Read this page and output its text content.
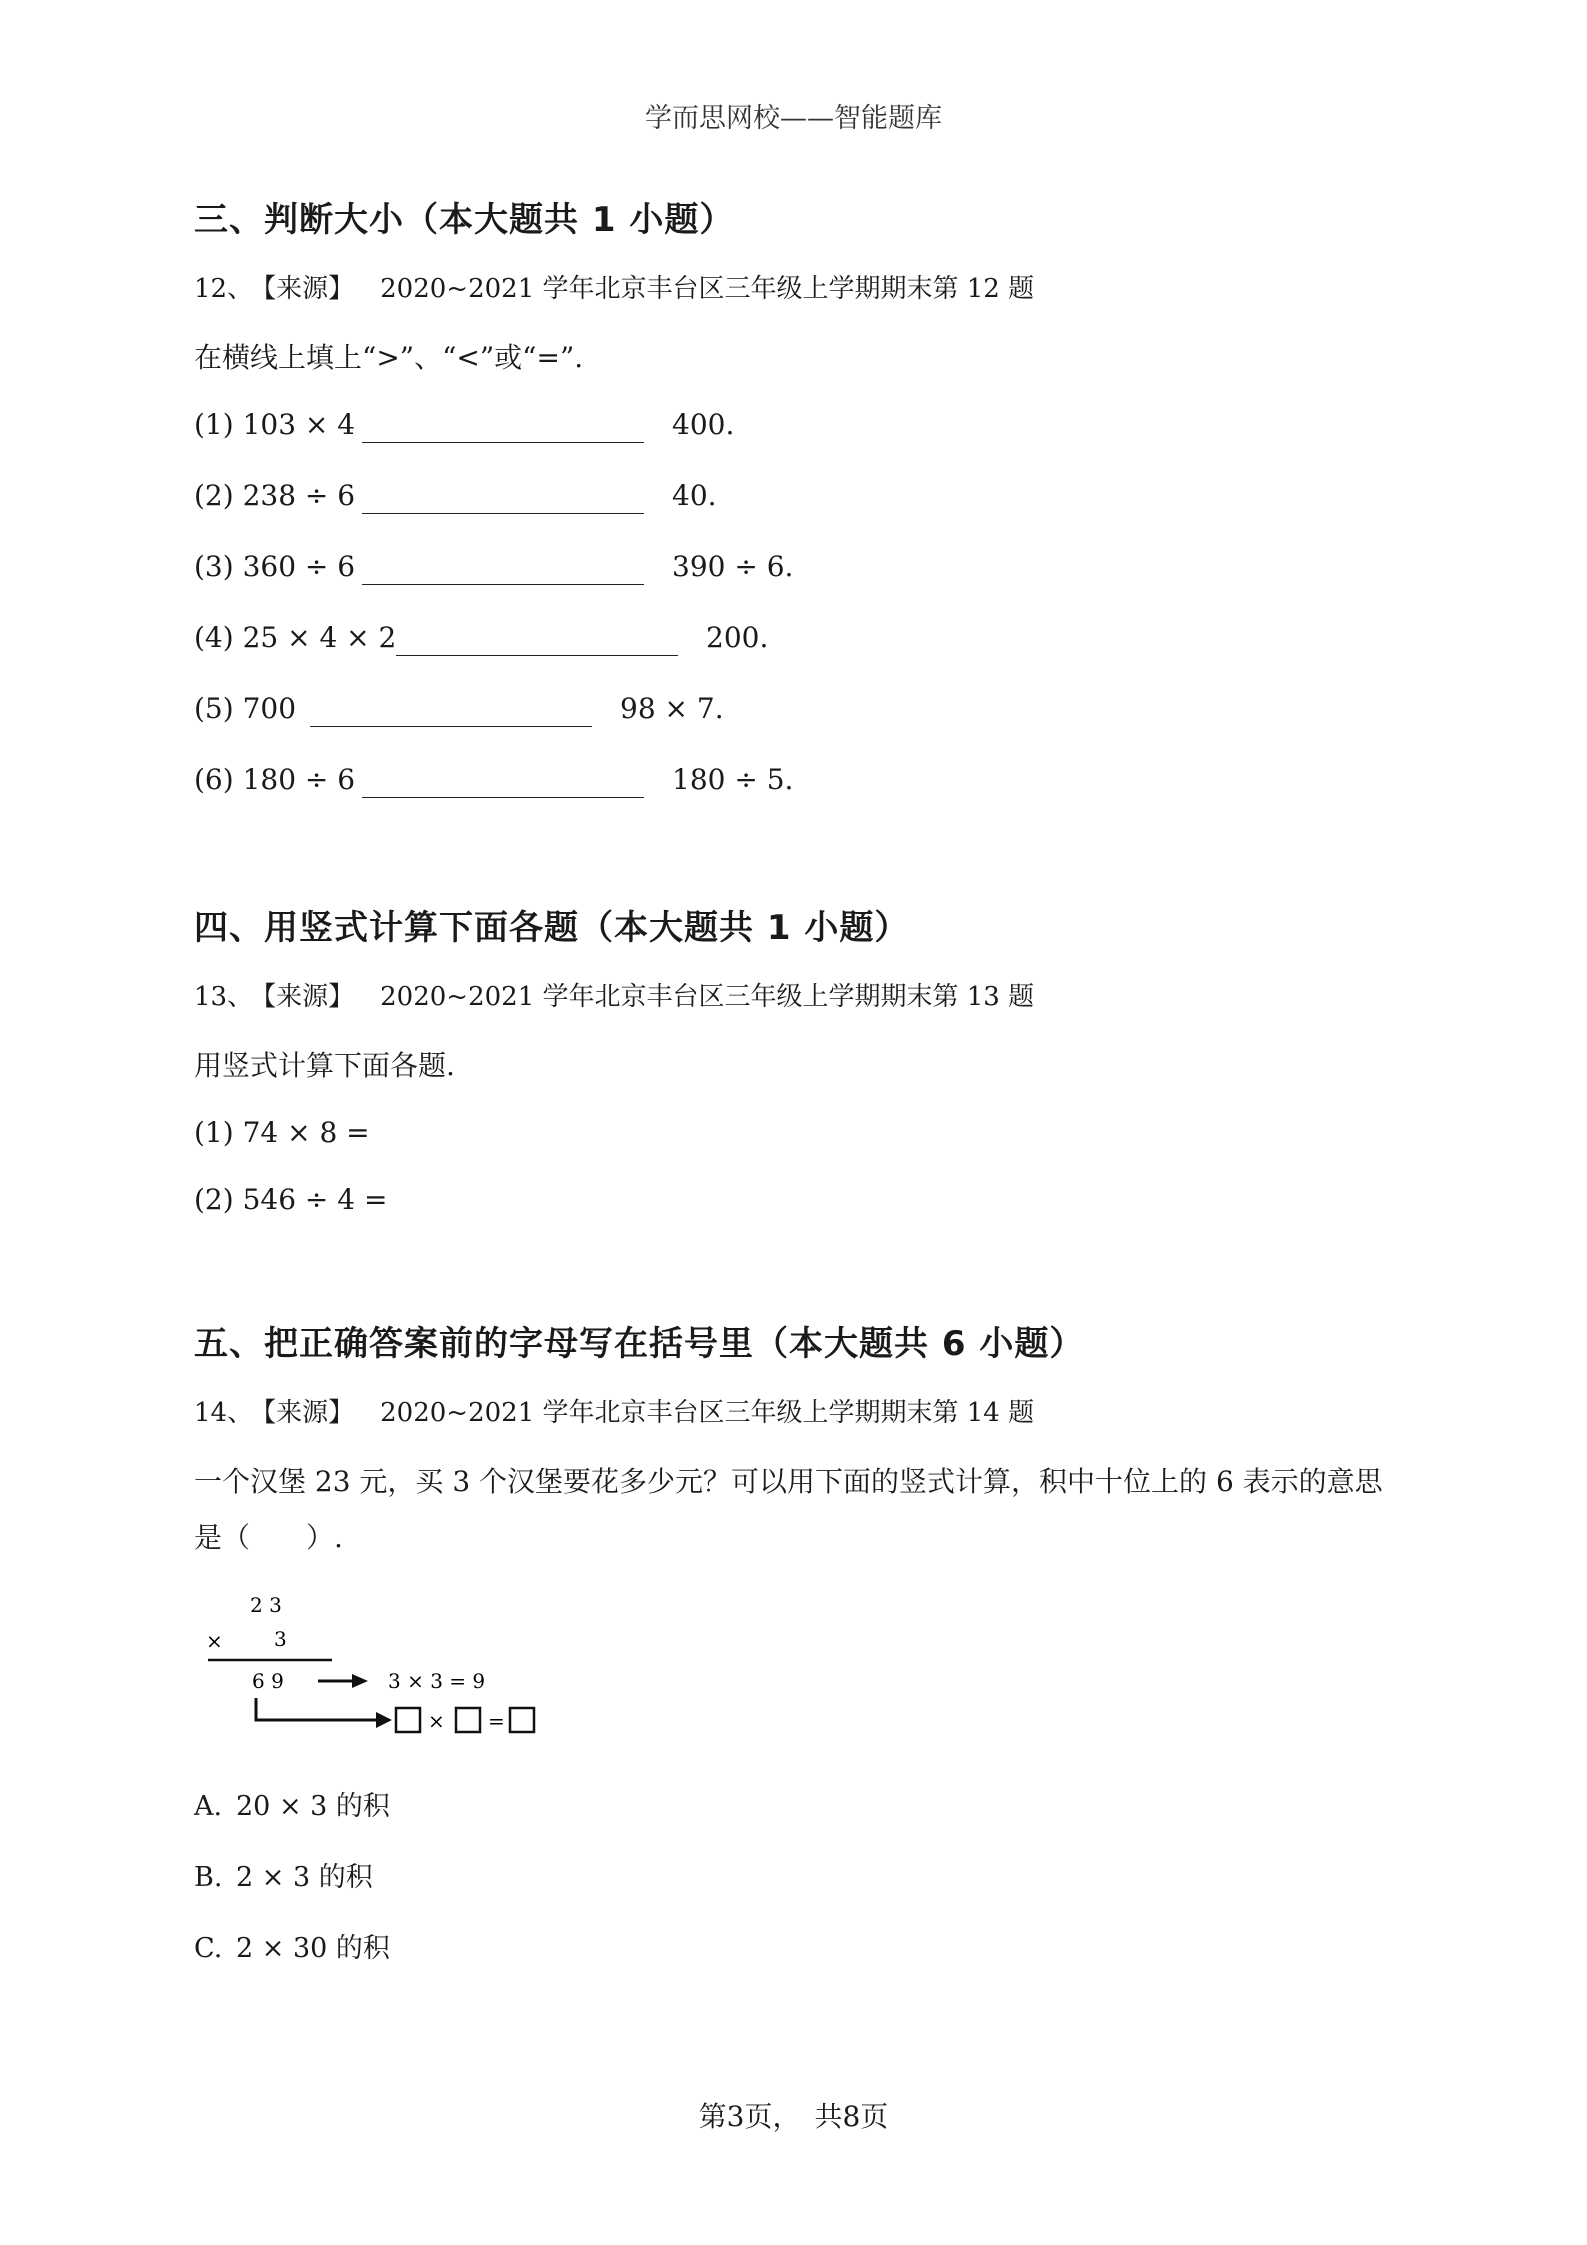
学而思网校——智能题库
三、判断大小（本大题共 1 小题）
12、 【来源】 2020~2021 学年北京丰台区三年级上学期期末第 12 题
在横线上填上“>”、“<”或“=”.
(1) 103 × 4	400.
(2) 238 ÷ 6	40.
(3) 360 ÷ 6	390 ÷ 6.
(4) 25 × 4 × 2	200.
(5) 700	98 × 7.
(6) 180 ÷ 6	180 ÷ 5.
四、用竖式计算下面各题（本大题共 1 小题）
13、 【来源】 2020~2021 学年北京丰台区三年级上学期期末第 13 题
用竖式计算下面各题.
(1) 74 × 8 =
(2) 546 ÷ 4 =
五、把正确答案前的字母写在括号里（本大题共 6 小题）
14、 【来源】 2020~2021 学年北京丰台区三年级上学期期末第 14 题
一个汉堡 23 元，买 3 个汉堡要花多少元？可以用下面的竖式计算，积中十位上的 6 表示的意思
是（　　）.
2 3
×	3
6 9	3 × 3 = 9
× =
A. 20 × 3 的积
B. 2 × 3 的积
C. 2 × 30 的积
第3页，　共8页
